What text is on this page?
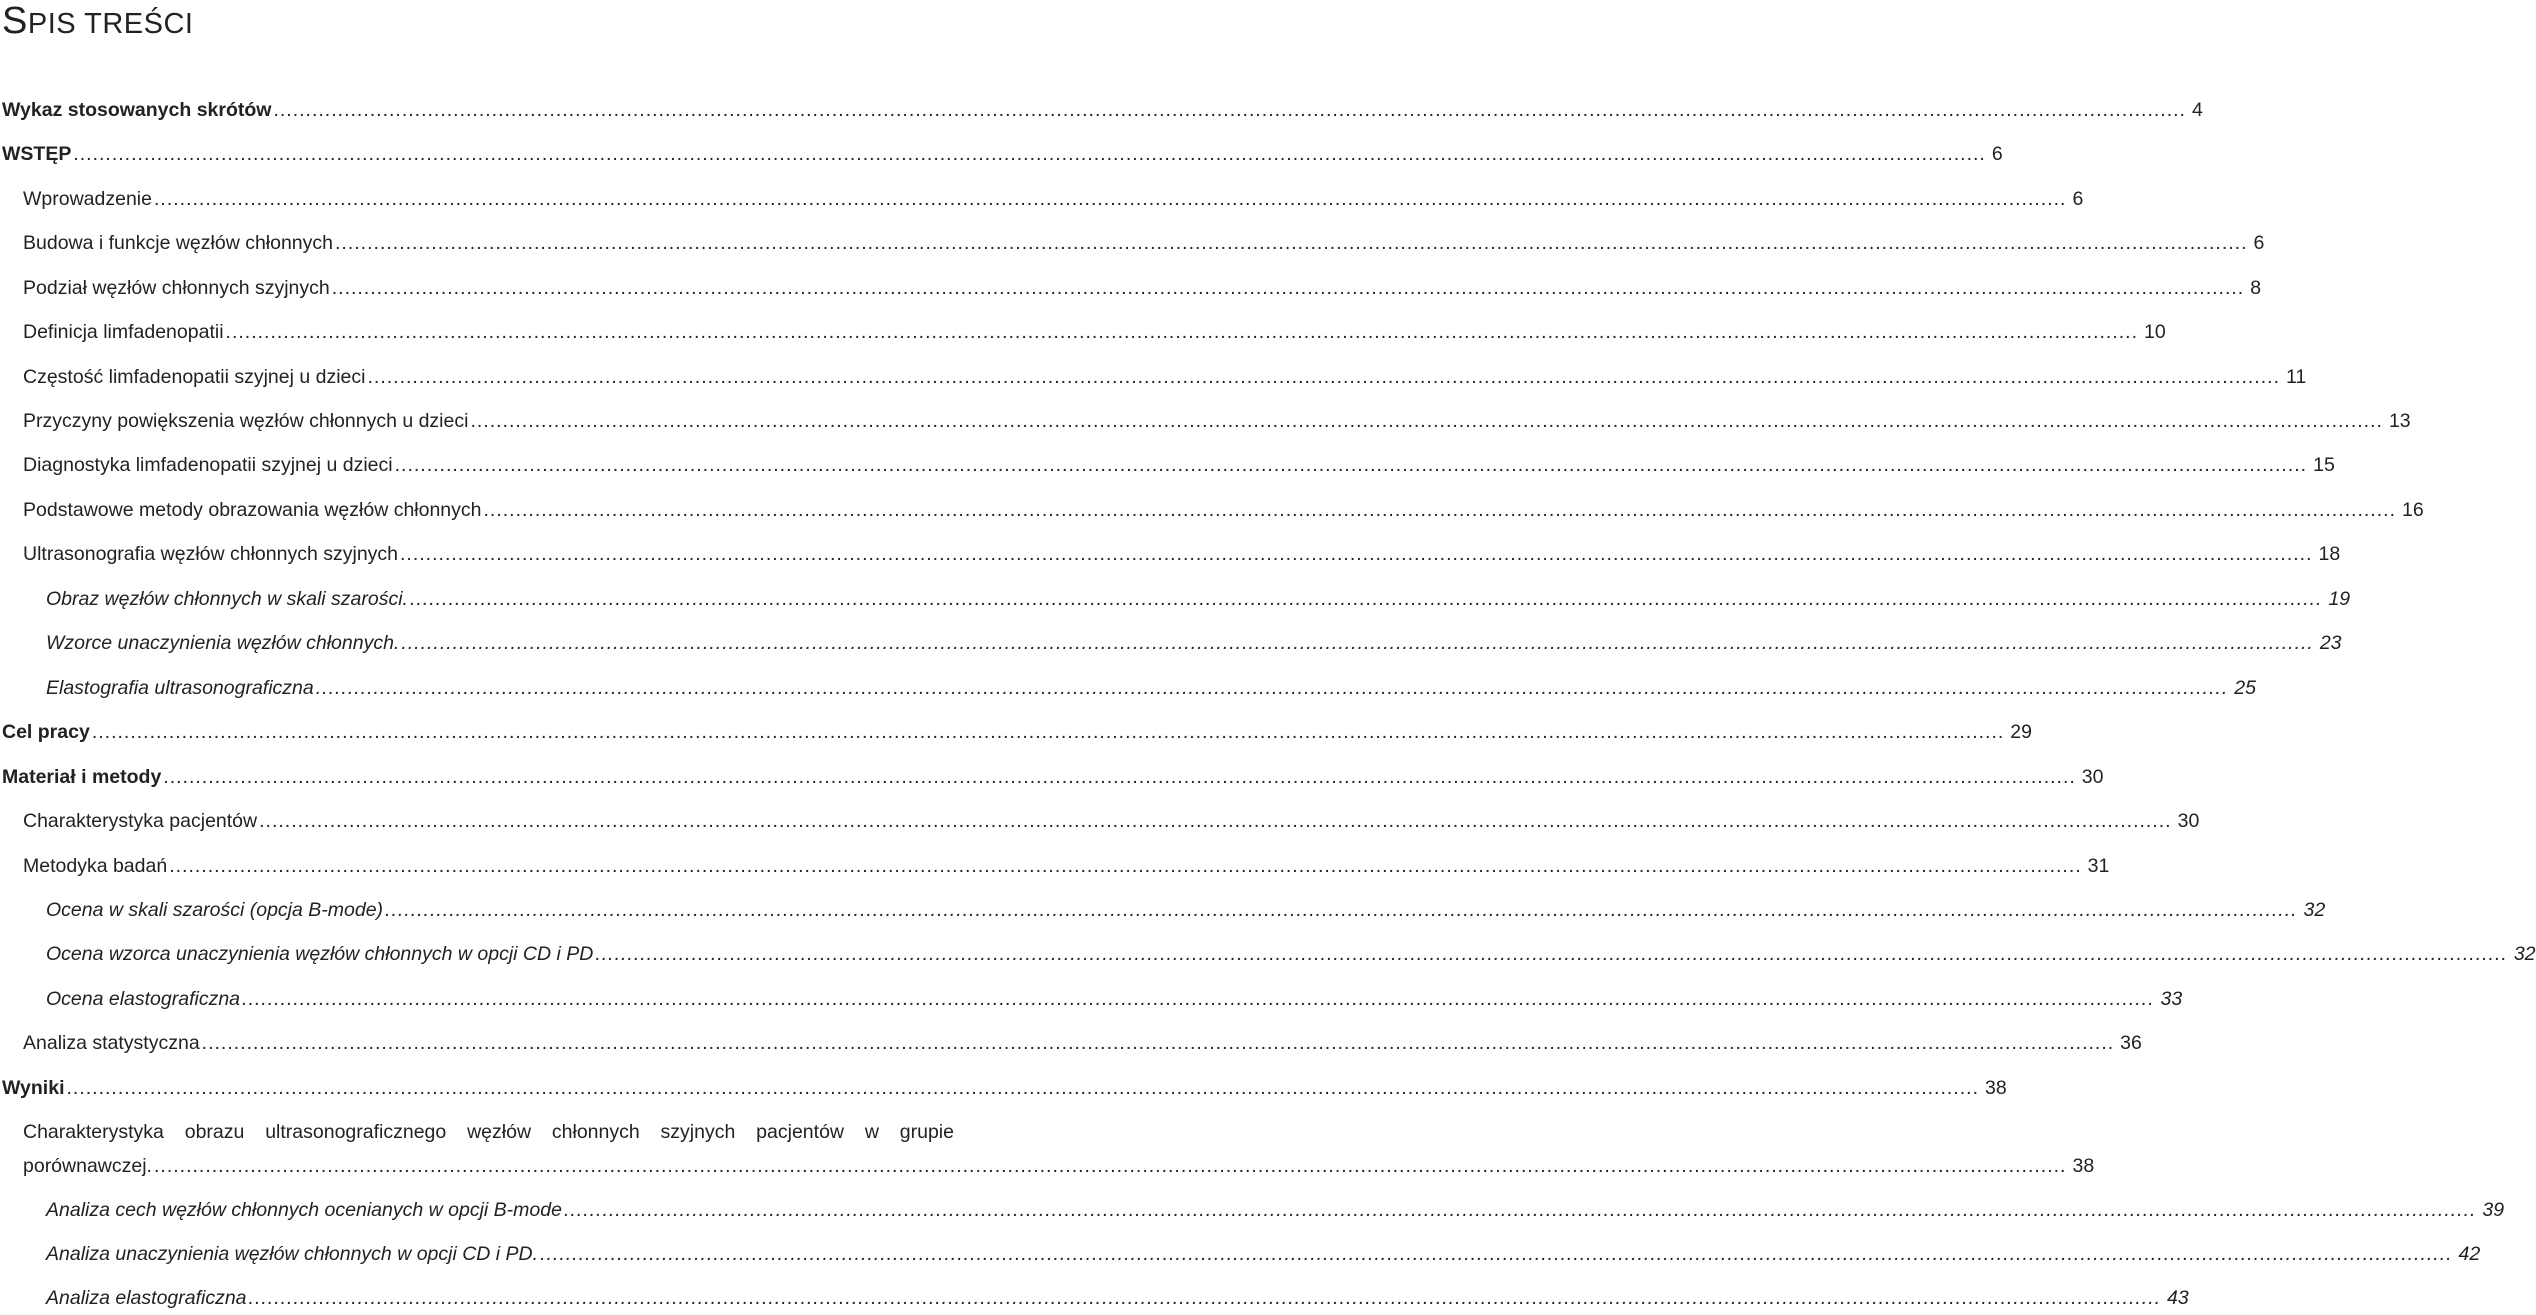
SPIS TREŚCI
Wykaz stosowanych skrótów .......................................................................................................................................................................................................................................................................................................... 4
WSTĘP .......................................................................................................................................................................................................................................................................................................... 6
Wprowadzenie .......................................................................................................................................................................................................................................................................................................... 6
Budowa i funkcje węzłów chłonnych .......................................................................................................................................................................................................................................................................................................... 6
Podział węzłów chłonnych szyjnych .......................................................................................................................................................................................................................................................................................................... 8
Definicja limfadenopatii .......................................................................................................................................................................................................................................................................................................... 10
Częstość limfadenopatii szyjnej u dzieci .......................................................................................................................................................................................................................................................................................................... 11
Przyczyny powiększenia węzłów chłonnych u dzieci .......................................................................................................................................................................................................................................................................................................... 13
Diagnostyka limfadenopatii szyjnej u dzieci .......................................................................................................................................................................................................................................................................................................... 15
Podstawowe metody obrazowania węzłów chłonnych .......................................................................................................................................................................................................................................................................................................... 16
Ultrasonografia węzłów chłonnych szyjnych .......................................................................................................................................................................................................................................................................................................... 18
Obraz węzłów chłonnych w skali szarości. .......................................................................................................................................................................................................................................................................................................... 19
Wzorce unaczynienia węzłów chłonnych. .......................................................................................................................................................................................................................................................................................................... 23
Elastografia ultrasonograficzna .......................................................................................................................................................................................................................................................................................................... 25
Cel pracy .......................................................................................................................................................................................................................................................................................................... 29
Materiał i metody .......................................................................................................................................................................................................................................................................................................... 30
Charakterystyka pacjentów .......................................................................................................................................................................................................................................................................................................... 30
Metodyka badań .......................................................................................................................................................................................................................................................................................................... 31
Ocena w skali szarości (opcja B-mode) .......................................................................................................................................................................................................................................................................................................... 32
Ocena wzorca unaczynienia węzłów chłonnych w opcji CD i PD .......................................................................................................................................................................................................................................................................................................... 32
Ocena elastograficzna .......................................................................................................................................................................................................................................................................................................... 33
Analiza statystyczna .......................................................................................................................................................................................................................................................................................................... 36
Wyniki .......................................................................................................................................................................................................................................................................................................... 38
Charakterystyka obrazu ultrasonograficznego węzłów chłonnych szyjnych pacjentów w grupie
porównawczej. .......................................................................................................................................................................................................................................................................................................... 38
Analiza cech węzłów chłonnych ocenianych w opcji B-mode .......................................................................................................................................................................................................................................................................................................... 39
Analiza unaczynienia węzłów chłonnych w opcji CD i PD. .......................................................................................................................................................................................................................................................................................................... 42
Analiza elastograficzna .......................................................................................................................................................................................................................................................................................................... 43
